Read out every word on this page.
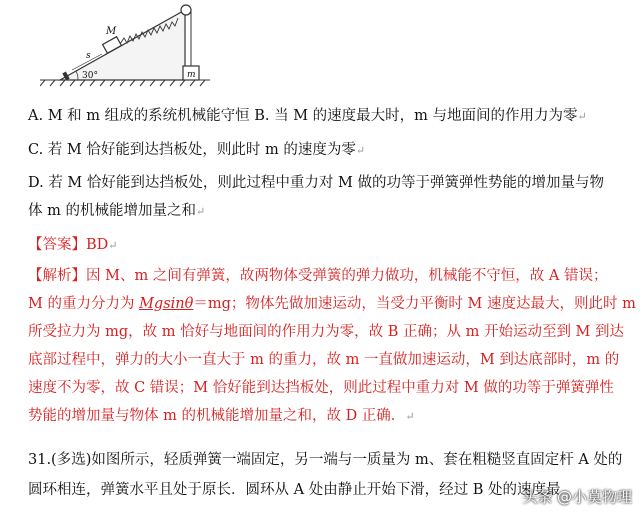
M
s
m
30°
A. M 和 m 组成的系统机械能守恒 B. 当 M 的速度最大时，m 与地面间的作用力为零↵
C. 若 M 恰好能到达挡板处，则此时 m 的速度为零↵
D. 若 M 恰好能到达挡板处，则此过程中重力对 M 做的功等于弹簧弹性势能的增加量与物
体 m 的机械能增加量之和↵
【答案】BD↵
【解析】因 M、m 之间有弹簧，故两物体受弹簧的弹力做功，机械能不守恒，故 A 错误；
M 的重力分力为 Mgsinθ＝mg；物体先做加速运动，当受力平衡时 M 速度达最大，则此时 m
所受拉力为 mg，故 m 恰好与地面间的作用力为零，故 B 正确；从 m 开始运动至到 M 到达
底部过程中，弹力的大小一直大于 m 的重力，故 m 一直做加速运动，M 到达底部时，m 的
速度不为零，故 C 错误；M 恰好能到达挡板处，则此过程中重力对 M 做的功等于弹簧弹性
势能的增加量与物体 m 的机械能增加量之和，故 D 正确．↵
31.(多选)如图所示，轻质弹簧一端固定，另一端与一质量为 m、套在粗糙竖直固定杆 A 处的
圆环相连，弹簧水平且处于原长．圆环从 A 处由静止开始下滑，经过 B 处的速度最
头条 @小莫物理
